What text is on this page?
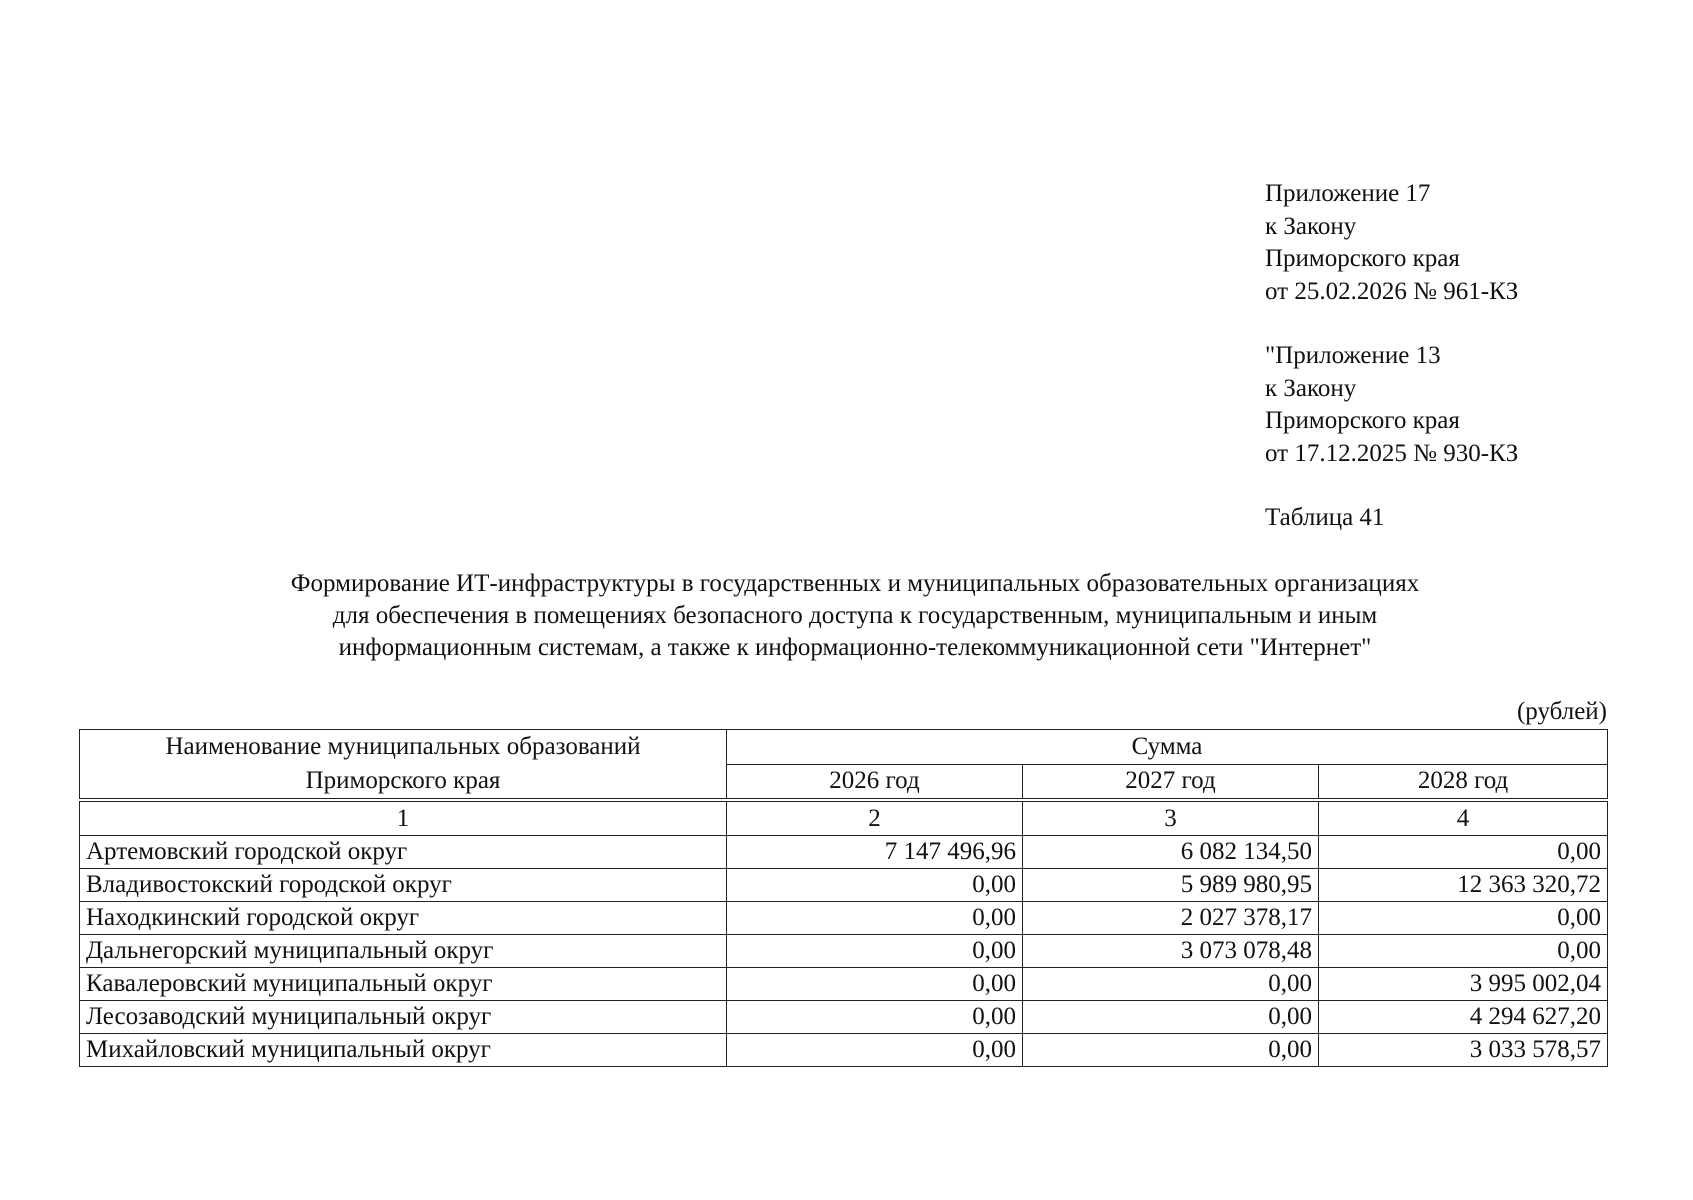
Приложение 17
к Закону
Приморского края
от 25.02.2026 № 961-КЗ
"Приложение 13
к Закону
Приморского края
от 17.12.2025 № 930-КЗ
Таблица 41
Формирование ИТ-инфраструктуры в государственных и муниципальных образовательных организациях
для обеспечения в помещениях безопасного доступа к государственным, муниципальным и иным
информационным системам, а также к информационно-телекоммуникационной сети "Интернет"
(рублей)
Наименование муниципальных образований
Приморского края	Сумма		
	2026 год	2027 год	2028 год

1	2	3	4
Артемовский городской округ	7 147 496,96	6 082 134,50	0,00
Владивостокский городской округ	0,00	5 989 980,95	12 363 320,72
Находкинский городской округ	0,00	2 027 378,17	0,00
Дальнегорский муниципальный округ	0,00	3 073 078,48	0,00
Кавалеровский муниципальный округ	0,00	0,00	3 995 002,04
Лесозаводский муниципальный округ	0,00	0,00	4 294 627,20
Михайловский муниципальный округ	0,00	0,00	3 033 578,57
